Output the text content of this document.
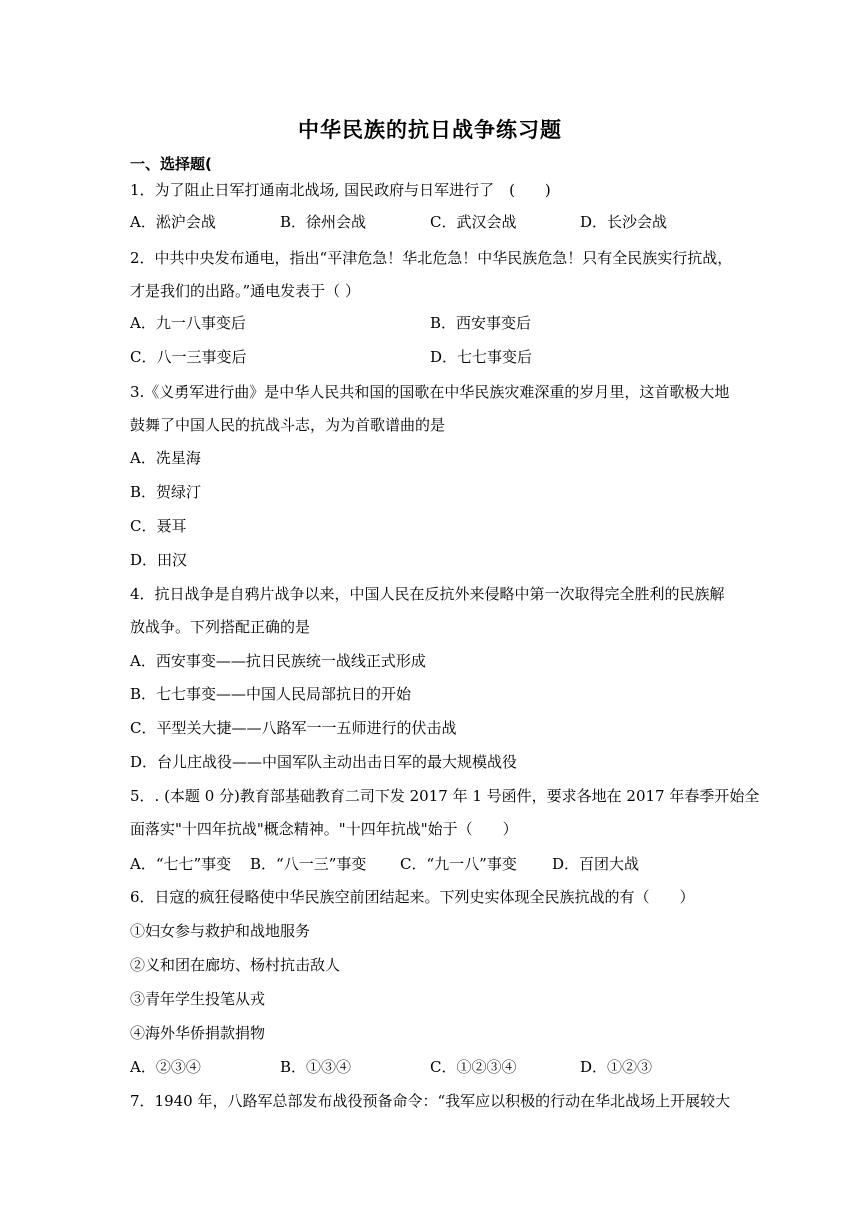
中华民族的抗日战争练习题
一、选择题(
1．为了阻止日军打通南北战场, 国民政府与日军进行了　(　　)
A．淞沪会战	B．徐州会战	C．武汉会战	D．长沙会战
2．中共中央发布通电，指出“平津危急！华北危急！中华民族危急！只有全民族实行抗战，
才是我们的出路。”通电发表于（ ）
A．九一八事变后	B．西安事变后
C．八一三事变后	D．七七事变后
3.《义勇军进行曲》是中华人民共和国的国歌在中华民族灾难深重的岁月里，这首歌极大地
鼓舞了中国人民的抗战斗志，为为首歌谱曲的是
A．冼星海
B．贺绿汀
C．聂耳
D．田汉
4．抗日战争是自鸦片战争以来，中国人民在反抗外来侵略中第一次取得完全胜利的民族解
放战争。下列搭配正确的是
A．西安事变——抗日民族统一战线正式形成
B．七七事变——中国人民局部抗日的开始
C．平型关大捷——八路军一一五师进行的伏击战
D．台儿庄战役——中国军队主动出击日军的最大规模战役
5．. (本题 0 分)教育部基础教育二司下发 2017 年 1 号函件，要求各地在 2017 年春季开始全
面落实"十四年抗战"概念精神。"十四年抗战"始于（　　）
A．“七七”事变 B．“八一三”事变 C．“九一八”事变 D．百团大战
6．日寇的疯狂侵略使中华民族空前团结起来。下列史实体现全民族抗战的有（　　）
①妇女参与救护和战地服务
②义和团在廊坊、杨村抗击敌人
③青年学生投笔从戎
④海外华侨捐款捐物
A．②③④	B．①③④	C．①②③④	D．①②③
7．1940 年，八路军总部发布战役预备命令：“我军应以积极的行动在华北战场上开展较大
